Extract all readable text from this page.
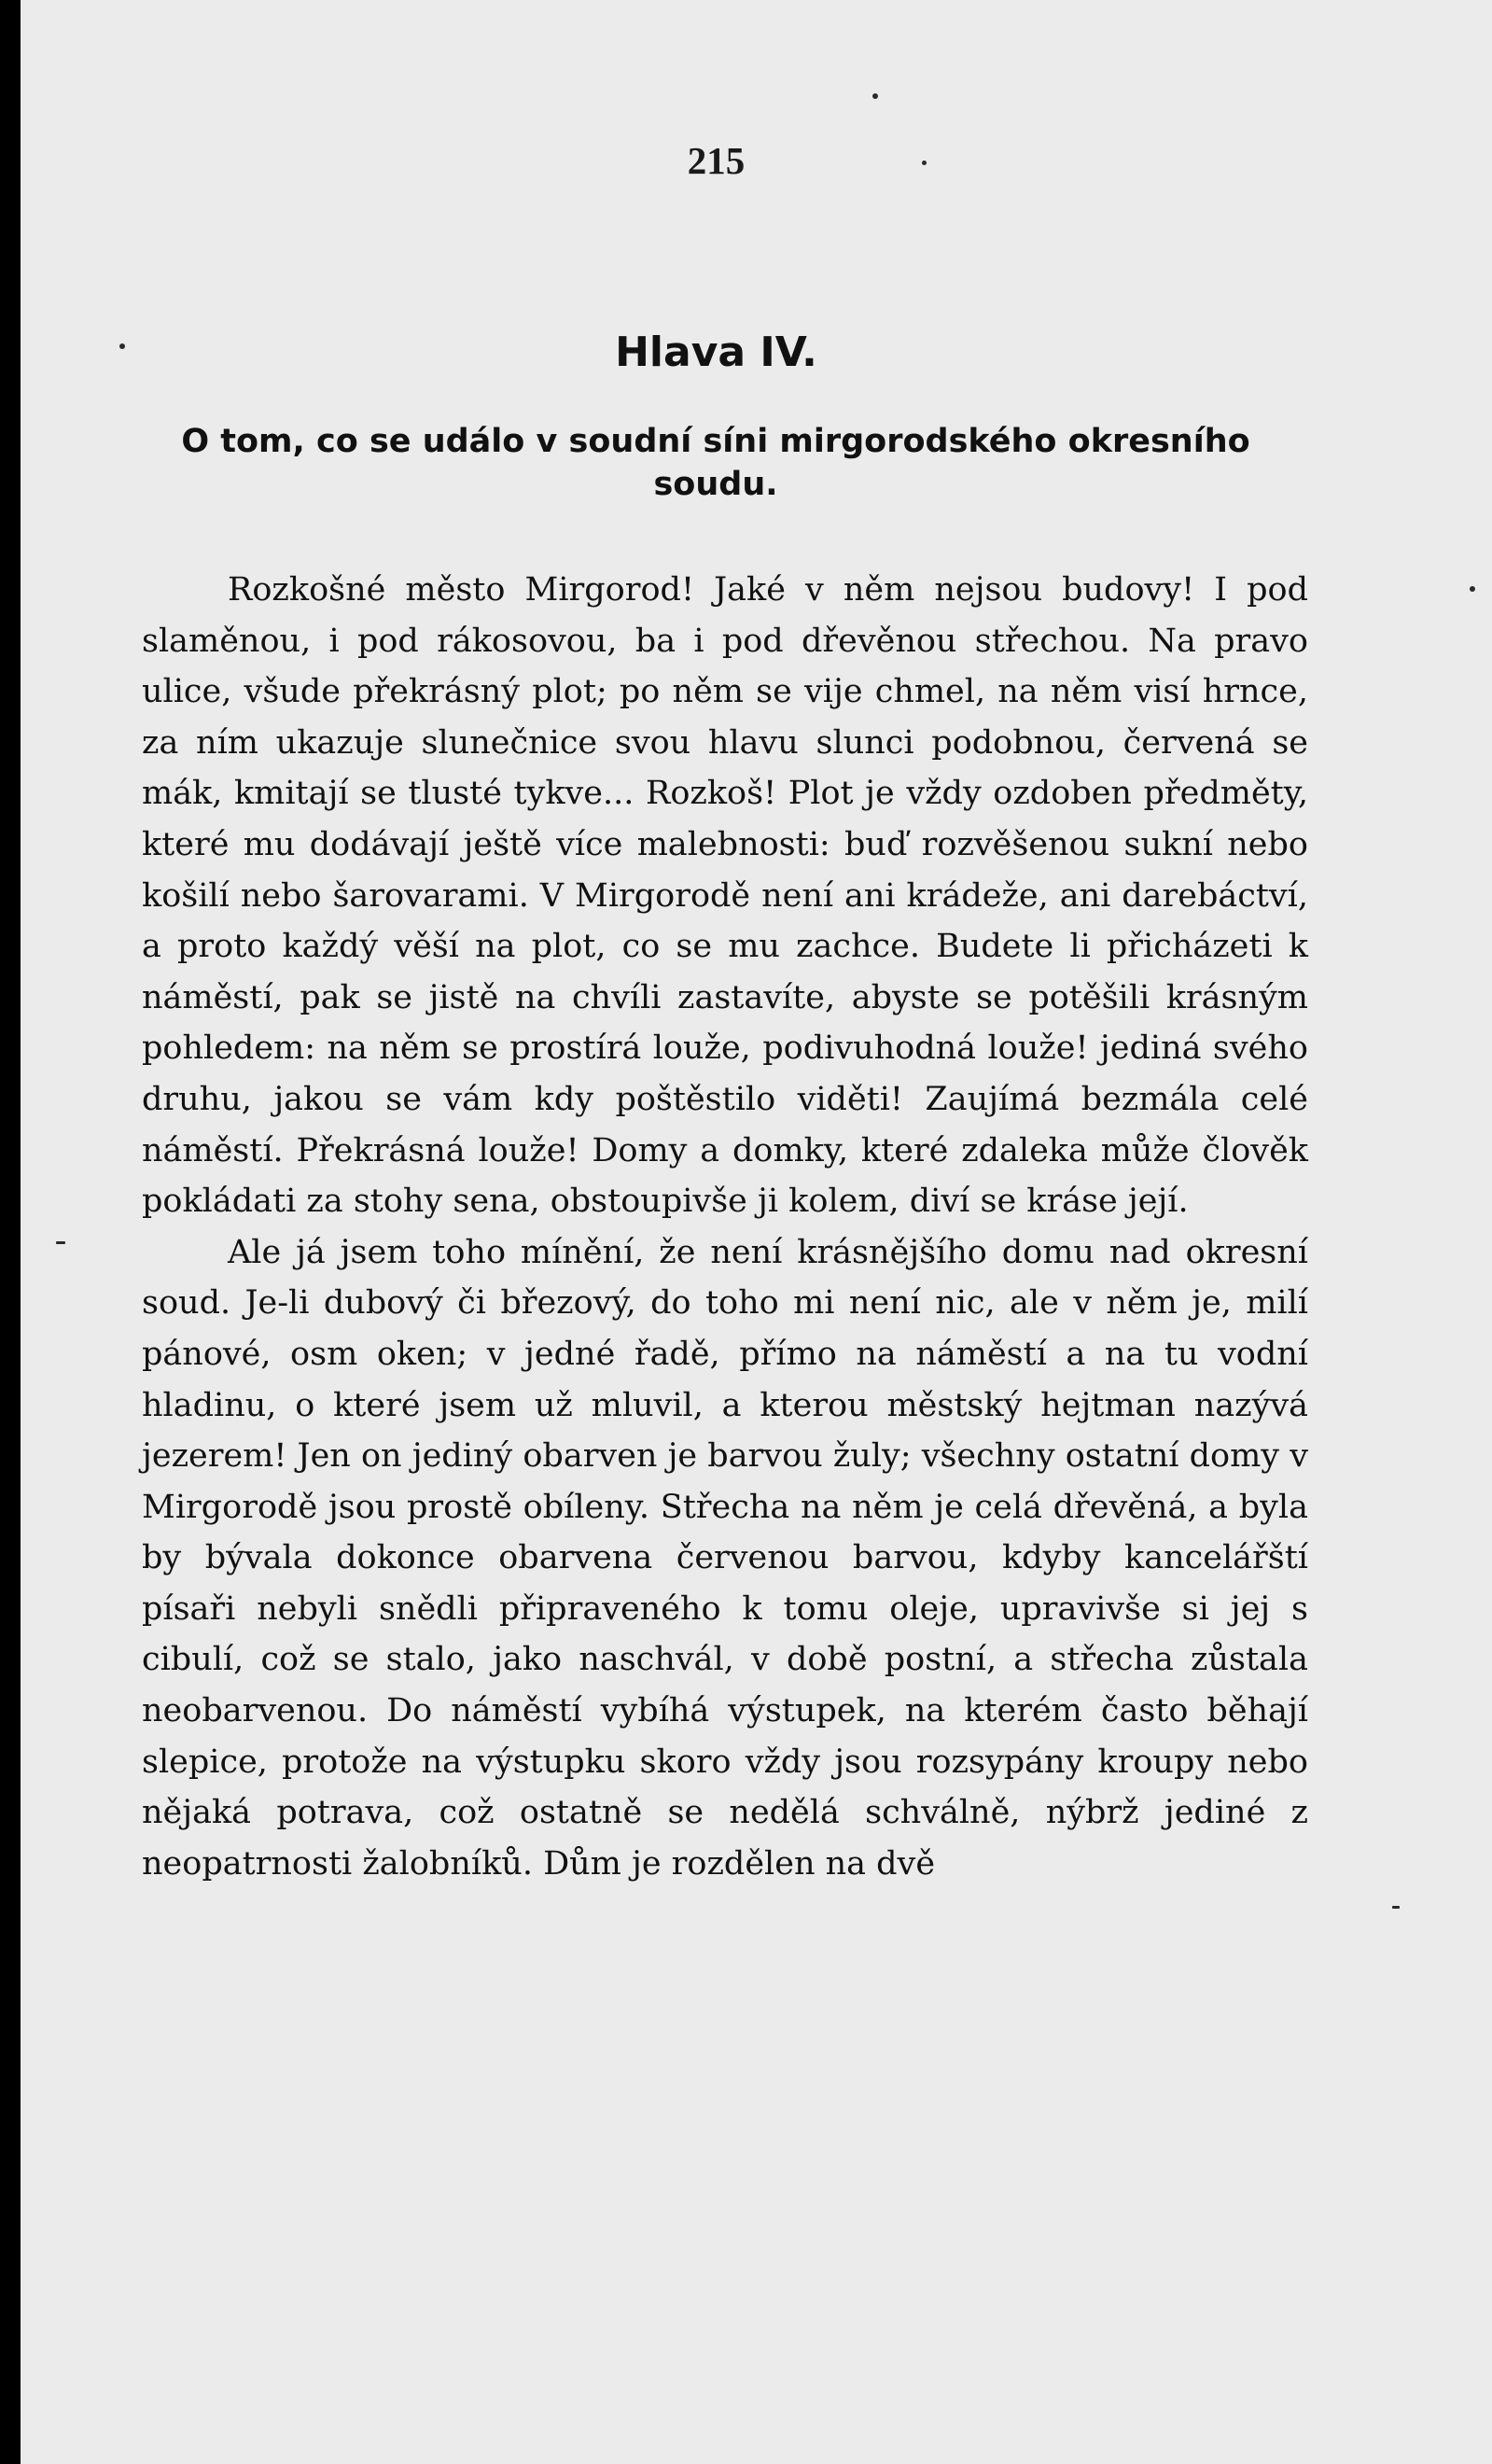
215
Hlava IV.
O tom, co se událo v soudní síni mirgorodského okresního soudu.

Rozkošné město Mirgorod! Jaké v něm nejsou budovy! I pod slaměnou, i pod rákosovou, ba i pod dřevěnou střechou. Na pravo ulice, všude překrásný plot; po něm se vije chmel, na něm visí hrnce, za ním ukazuje slunečnice svou hlavu slunci podobnou, červená se mák, kmitají se tlusté tykve... Rozkoš! Plot je vždy ozdoben předměty, které mu dodávají ještě více malebnosti: buď rozvěšenou sukní nebo košilí nebo šarovarami. V Mirgorodě není ani krádeže, ani darebáctví, a proto každý věší na plot, co se mu zachce. Budete li přicházeti k náměstí, pak se jistě na chvíli zastavíte, abyste se potěšili krásným pohledem: na něm se prostírá louže, podivuhodná louže! jediná svého druhu, jakou se vám kdy poštěstilo viděti! Zaujímá bezmála celé náměstí. Překrásná louže! Domy a domky, které zdaleka může člověk pokládati za stohy sena, obstoupivše ji kolem, diví se kráse její.

Ale já jsem toho mínění, že není krásnějšího domu nad okresní soud. Je-li dubový či březový, do toho mi není nic, ale v něm je, milí pánové, osm oken; v jedné řadě, přímo na náměstí a na tu vodní hladinu, o které jsem už mluvil, a kterou městský hejtman nazývá jezerem! Jen on jediný obarven je barvou žuly; všechny ostatní domy v Mirgorodě jsou prostě obíleny. Střecha na něm je celá dřevěná, a byla by bývala dokonce obarvena červenou barvou, kdyby kancelářští písaři nebyli snědli připraveného k tomu oleje, upravivše si jej s cibulí, což se stalo, jako naschvál, v době postní, a střecha zůstala neobarvenou. Do náměstí vybíhá výstupek, na kterém často běhají slepice, protože na výstupku skoro vždy jsou rozsypány kroupy nebo nějaká potrava, což ostatně se nedělá schválně, nýbrž jediné z neopatrnosti žalobníků. Dům je rozdělen na dvě
